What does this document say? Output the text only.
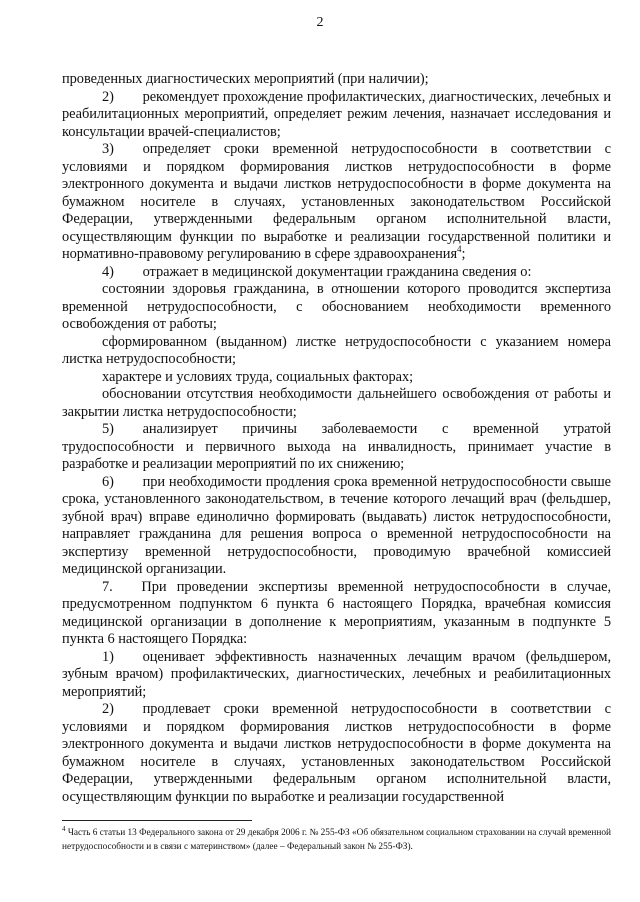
2

проведенных диагностических мероприятий (при наличии);

2)  рекомендует прохождение профилактических, диагностических, лечебных и реабилитационных мероприятий, определяет режим лечения, назначает исследования и консультации врачей-специалистов;

3)  определяет сроки временной нетрудоспособности в соответствии с условиями и порядком формирования листков нетрудоспособности в форме электронного документа и выдачи листков нетрудоспособности в форме документа на бумажном носителе в случаях, установленных законодательством Российской Федерации, утвержденными федеральным органом исполнительной власти, осуществляющим функции по выработке и реализации государственной политики и нормативно-правовому регулированию в сфере здравоохранения$^4$;

4)  отражает в медицинской документации гражданина сведения о:

состоянии здоровья гражданина, в отношении которого проводится экспертиза временной нетрудоспособности, с обоснованием необходимости временного освобождения от работы;

сформированном (выданном) листке нетрудоспособности с указанием номера листка нетрудоспособности;

характере и условиях труда, социальных факторах;

обосновании отсутствия необходимости дальнейшего освобождения от работы и закрытии листка нетрудоспособности;

5)  анализирует причины заболеваемости с временной утратой трудоспособности и первичного выхода на инвалидность, принимает участие в разработке и реализации мероприятий по их снижению;

6)  при необходимости продления срока временной нетрудоспособности свыше срока, установленного законодательством, в течение которого лечащий врач (фельдшер, зубной врач) вправе единолично формировать (выдавать) листок нетрудоспособности, направляет гражданина для решения вопроса о временной нетрудоспособности на экспертизу временной нетрудоспособности, проводимую врачебной комиссией медицинской организации.

7.  При проведении экспертизы временной нетрудоспособности в случае, предусмотренном подпунктом 6 пункта 6 настоящего Порядка, врачебная комиссия медицинской организации в дополнение к мероприятиям, указанным в подпункте 5 пункта 6 настоящего Порядка:

1)  оценивает эффективность назначенных лечащим врачом (фельдшером, зубным врачом) профилактических, диагностических, лечебных и реабилитационных мероприятий;

2)  продлевает сроки временной нетрудоспособности в соответствии с условиями и порядком формирования листков нетрудоспособности в форме электронного документа и выдачи листков нетрудоспособности в форме документа на бумажном носителе в случаях, установленных законодательством Российской Федерации, утвержденными федеральным органом исполнительной власти, осуществляющим функции по выработке и реализации государственной

$^4$ Часть 6 статьи 13 Федерального закона от 29 декабря 2006 г. № 255-ФЗ «Об обязательном социальном страховании на случай временной нетрудоспособности и в связи с материнством» (далее – Федеральный закон № 255-ФЗ).
